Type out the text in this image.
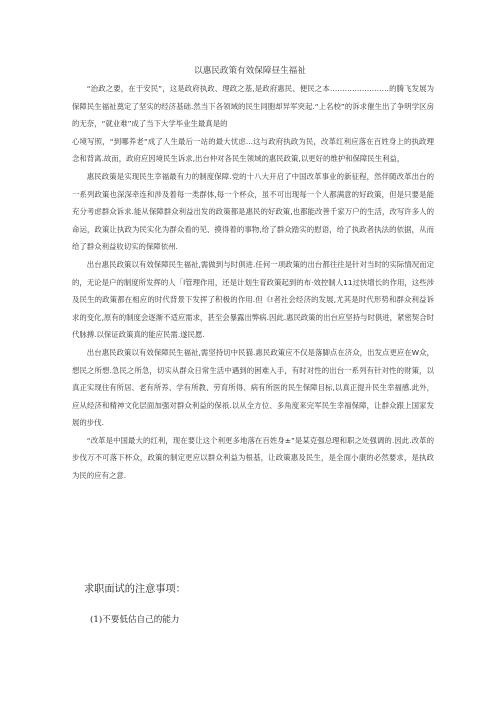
以惠民政策有效保障昼生福祉

“治政之要，在于安民”，这是政府执政、理政之基,是政府惠民、便民之本……………………的腾飞发展为保障民生福祉奠定了坚实的经济基础.然当下各领域的民生同胞却异军突起.“上名校”的诉求催生出了争明学区房的无奈，“就业难”成了当下大学毕业生最真是的

心境写照，“到哪养老”成了人生最后一站的最大忧虑...这与政府执政为民，改革红利应落在百姓身上的执政理念和背离.故而，政府应因境民生诉求,出台仲对各民生领域的惠民政策,以更好的维护和保障民生利益，

惠民政策是实现民生幸福最有力的制度保障.党的十八大开启了中国改革事业的新征程，然伴随改革出台的一系列政策也深深牵连和涉及着每一类群体,每一个杯众，虽不可出现每一个人都满意的好政策，但是只要是能充分考虑群众诉求.能从保障群众利益出发的政策都是惠民的好政策,也都能改善千家万户的生活，改写许多人的命运，政策让执政为民实化为群众看的见、摸得着的事物,给了群众踏实的慰语，给了执政者执法的依据，从而给了群众利益收切实的保障依州.

出台惠民政策以有效保障民生福祉,需做到与时俱进.任何一项政策的出台都往往是针对当时的实际情况而定的，无论是户的制度所发挥的人「l管理作用，还是计划生育政策起到的布·效控制人11过快增长的作用，这些涉及民生的政策都在相应的时代背景下发挥了积极的作用.但《!者社会经济的发展,尤其是时代形势和群众利益诉求的变化,原有的制度会逐渐不适应需求，甚至会暴露出弊病.因此.惠民政策的出台应坚持与时俱进，紧密契合时代脉搏.以保证政策真的能应民需.遂民愿.

出台惠民政策以有效保障民生福祉,需坚持切中民猫.惠民政策应不仅是落脚点在济众，出发点更应在W众，想民之所想.急民之所急，切实从群众日常生活中遇到的困难入手，有时对性的出台一系列有针对性的财策，以真正实现住有所居、老有所养、学有所教、劳育所得、病有所医的民生保障目标,以真正提升民生幸福感.此外，应从经济和精神文化层面加强对群众利益的保祇.以从全方位、多角度来完军民生幸福保障，让群众跟上国家发展的步伐.

“改革是中国最大的红利，现在要让这个利更多地落在百姓身±”是某克强总理和职之处强调的.因此.改革的步伐万不可落下杯众，政策的制定更应以群众利益为根基，让政策惠及民生，是全面小康的必然要求，是执政为民的应有之意.

求职面试的注意事项：
(1)不要低估自己的能力
